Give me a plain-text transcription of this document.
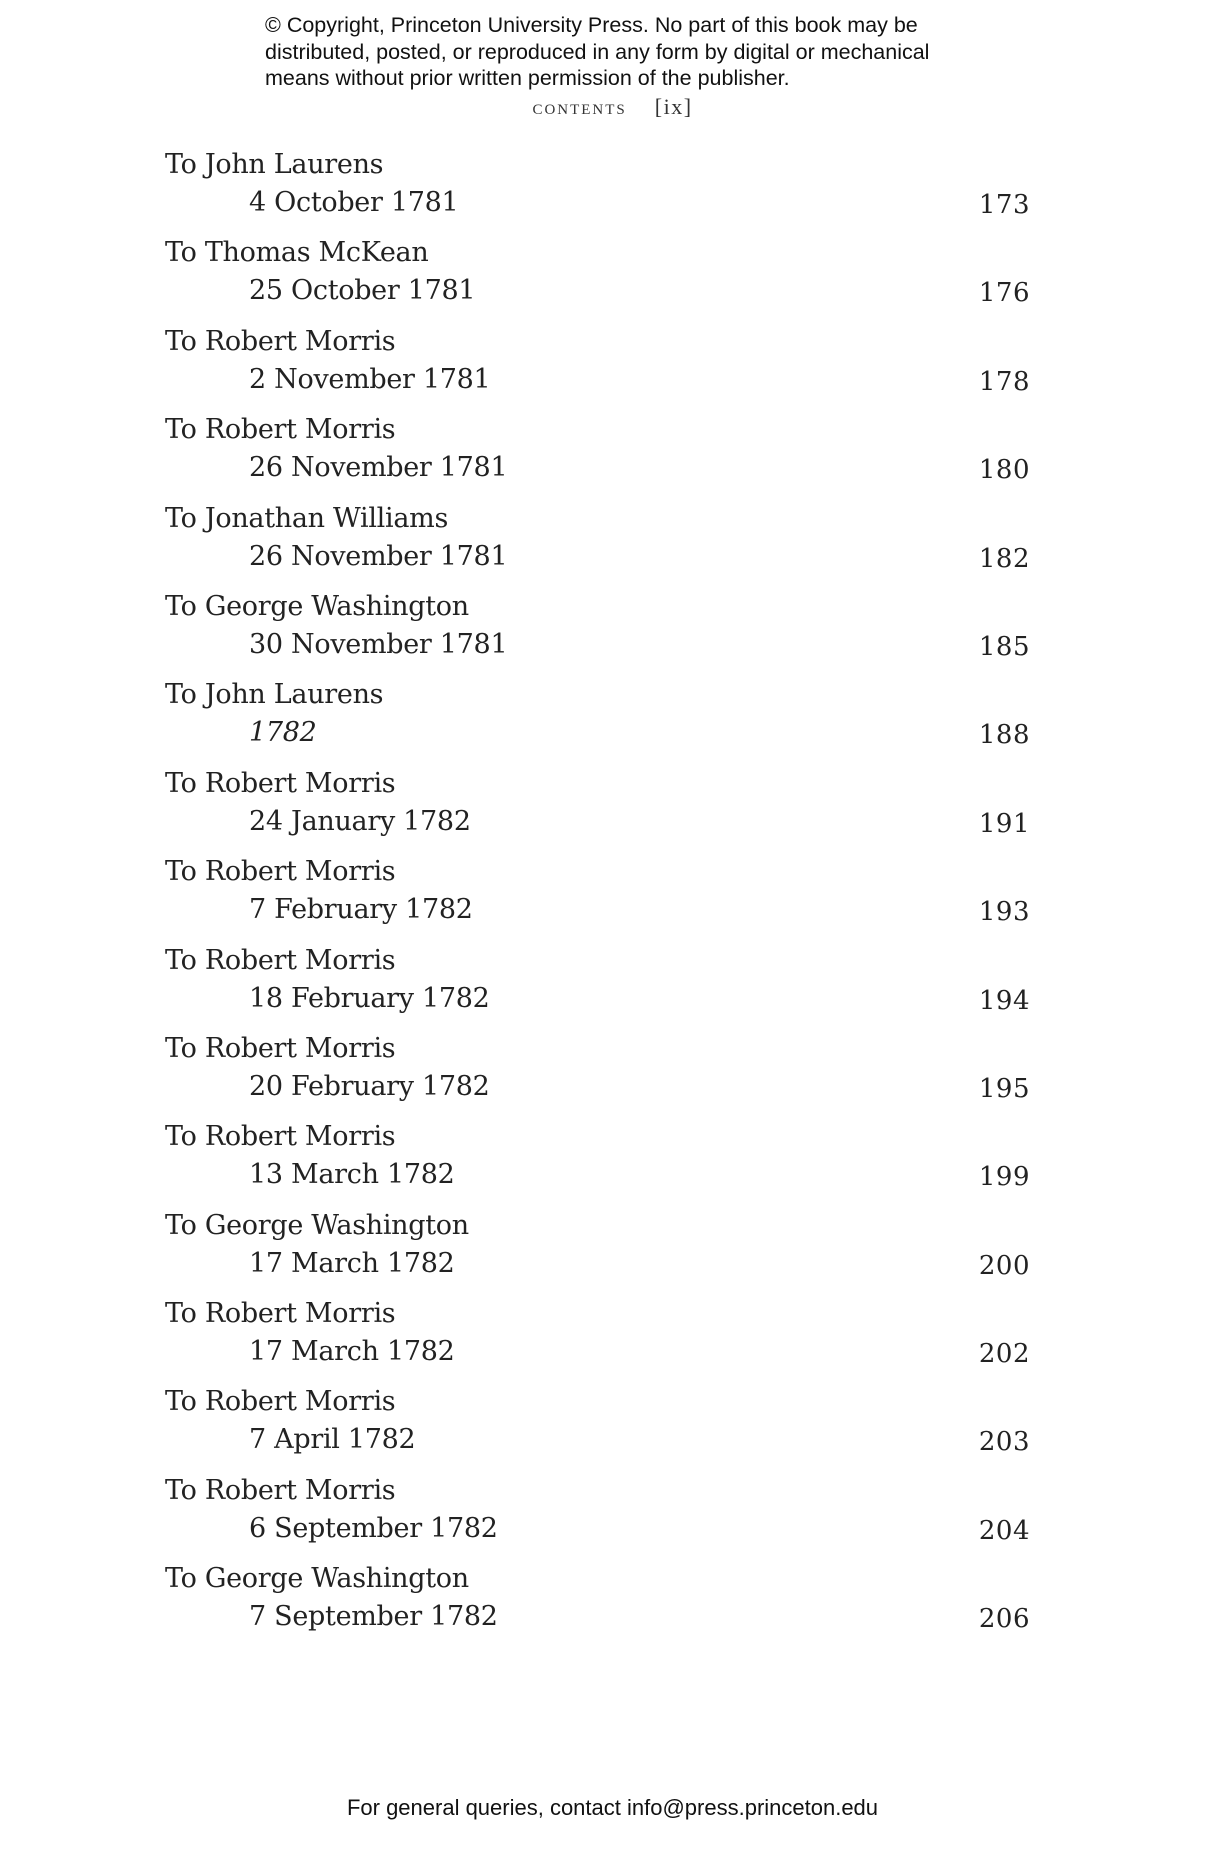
© Copyright, Princeton University Press. No part of this book may be distributed, posted, or reproduced in any form by digital or mechanical means without prior written permission of the publisher.
contents [ix]
To John Laurens
4 October 1781	173
To Thomas McKean
25 October 1781	176
To Robert Morris
2 November 1781	178
To Robert Morris
26 November 1781	180
To Jonathan Williams
26 November 1781	182
To George Washington
30 November 1781	185
To John Laurens
1782	188
To Robert Morris
24 January 1782	191
To Robert Morris
7 February 1782	193
To Robert Morris
18 February 1782	194
To Robert Morris
20 February 1782	195
To Robert Morris
13 March 1782	199
To George Washington
17 March 1782	200
To Robert Morris
17 March 1782	202
To Robert Morris
7 April 1782	203
To Robert Morris
6 September 1782	204
To George Washington
7 September 1782	206
For general queries, contact info@press.princeton.edu
